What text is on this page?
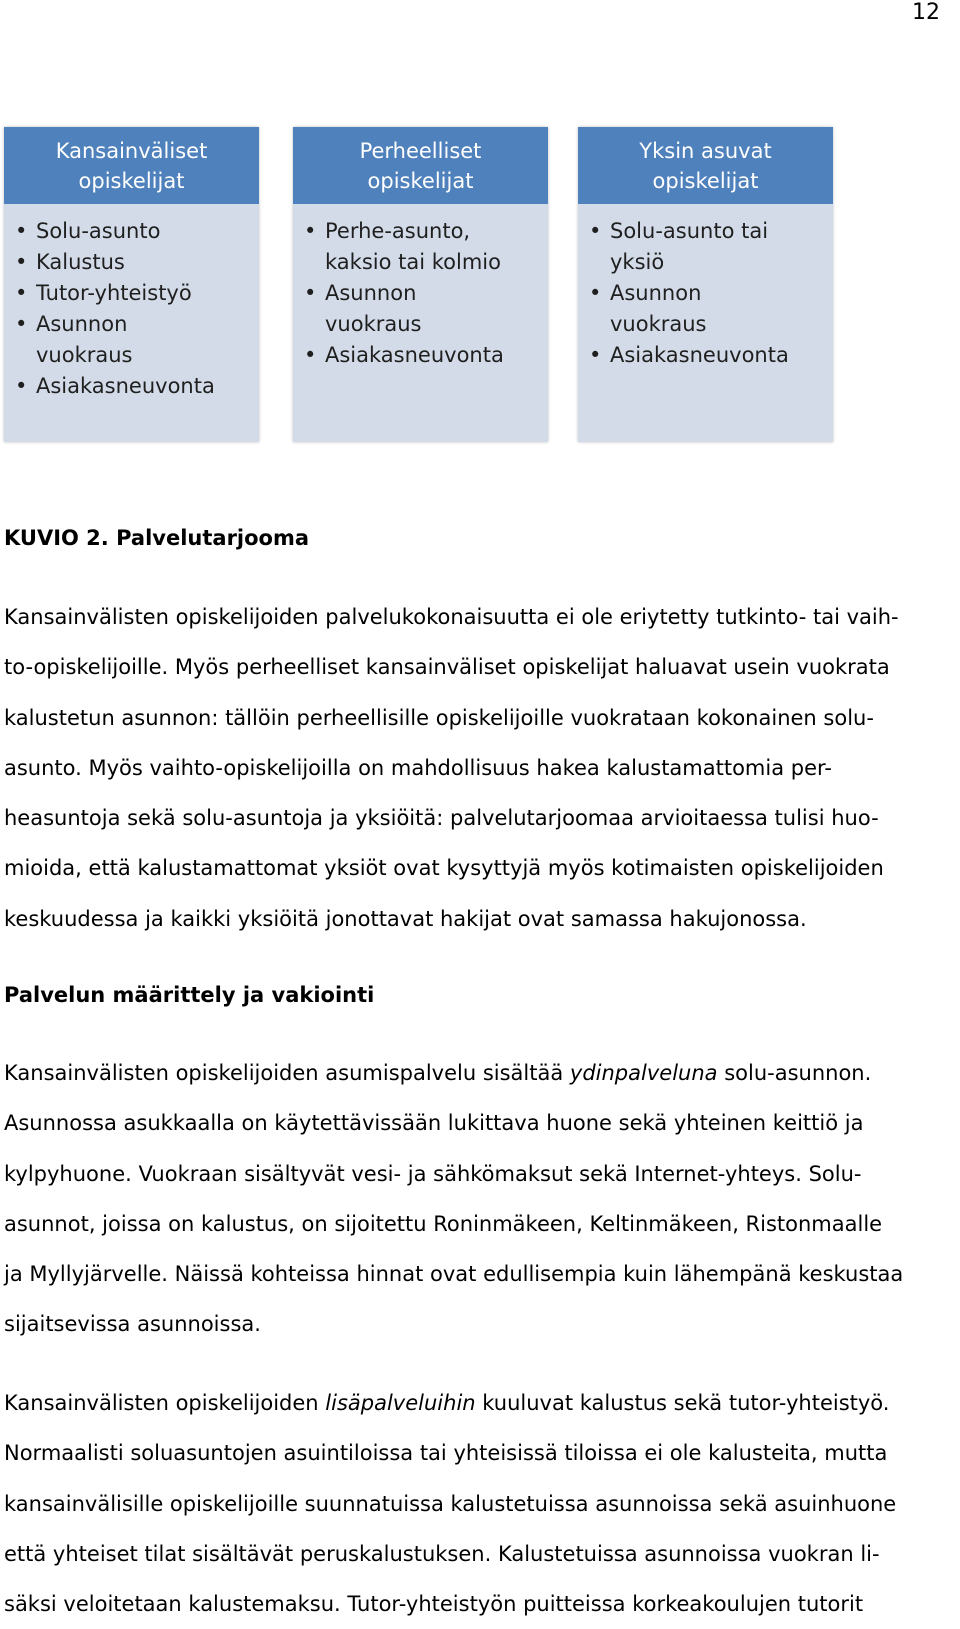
12
Kansainväliset
opiskelijat
• Solu-asunto
• Kalustus
• Tutor-yhteistyö
• Asunnon vuokraus
• Asiakasneuvonta
Perheelliset
opiskelijat
• Perhe-asunto, kaksio tai kolmio
• Asunnon vuokraus
• Asiakasneuvonta
Yksin asuvat
opiskelijat
• Solu-asunto tai yksiö
• Asunnon vuokraus
• Asiakasneuvonta

KUVIO 2. Palvelutarjooma

Kansainvälisten opiskelijoiden palvelukokonaisuutta ei ole eriytetty tutkinto- tai vaih-
to-opiskelijoille. Myös perheelliset kansainväliset opiskelijat haluavat usein vuokrata
kalustetun asunnon: tällöin perheellisille opiskelijoille vuokrataan kokonainen solu-
asunto. Myös vaihto-opiskelijoilla on mahdollisuus hakea kalustamattomia per-
heasuntoja sekä solu-asuntoja ja yksiöitä: palvelutarjoomaa arvioitaessa tulisi huo-
mioida, että kalustamattomat yksiöt ovat kysyttyjä myös kotimaisten opiskelijoiden
keskuudessa ja kaikki yksiöitä jonottavat hakijat ovat samassa hakujonossa.

Palvelun määrittely ja vakiointi

Kansainvälisten opiskelijoiden asumispalvelu sisältää ydinpalveluna solu-asunnon.
Asunnossa asukkaalla on käytettävissään lukittava huone sekä yhteinen keittiö ja
kylpyhuone. Vuokraan sisältyvät vesi- ja sähkömaksut sekä Internet-yhteys. Solu-
asunnot, joissa on kalustus, on sijoitettu Roninmäkeen, Keltinmäkeen, Ristonmaalle
ja Myllyjärvelle. Näissä kohteissa hinnat ovat edullisempia kuin lähempänä keskustaa
sijaitsevissa asunnoissa.

Kansainvälisten opiskelijoiden lisäpalveluihin kuuluvat kalustus sekä tutor-yhteistyö.
Normaalisti soluasuntojen asuintiloissa tai yhteisissä tiloissa ei ole kalusteita, mutta
kansainvälisille opiskelijoille suunnatuissa kalustetuissa asunnoissa sekä asuinhuone
että yhteiset tilat sisältävät peruskalustuksen. Kalustetuissa asunnoissa vuokran li-
säksi veloitetaan kalustemaksu. Tutor-yhteistyön puitteissa korkeakoulujen tutorit
